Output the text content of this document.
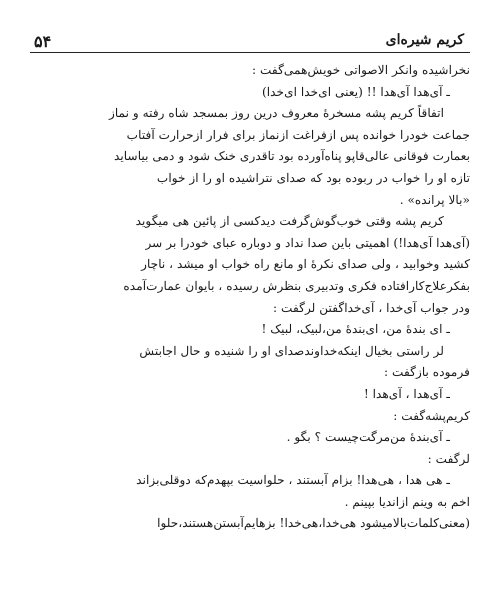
۵۴	کریم شیره‌ای
نخراشیده وانکر الاصواتی خویش‌همی‌گفت :
ـ آی‌هدا آی‌هدا !! (یعنی ای‌خدا ای‌خدا)
اتفاقاً کریم پشه مسخرهٔ معروف درین روز بمسجد شاه رفته و نماز
جماعت خودرا خوانده پس ازفراغت ازنماز برای فرار ازحرارت آفتاب
بعمارت فوقانی عالی‌قاپو پناه‌آورده بود تاقدری خنک شود و دمی بیاساید
تازه او را خواب در ربوده بود که صدای نتراشیده او را از خواب
«بالا پرانده» .
کریم پشه وقتی خوب‌گوش‌گرفت دیدکسی از پائین هی میگوید
(آی‌هدا آی‌هدا!) اهمیتی باین صدا نداد و دوباره عبای خودرا بر سر
کشید وخوابید ، ولی صدای نکرهٔ او مانع راه خواب او میشد ، ناچار
بفکرعلاج‌کارافتاده فکری وتدبیری بنظرش رسیده ، بایوان عمارت‌آمده
ودر جواب آی‌خدا ، آی‌خداگفتن لرگفت :
ـ ای بندهٔ من، ای‌بندهٔ من،لبیک، لبیک !
لر راستی بخیال اینکه‌خداوندصدای او را شنیده و حال اجابتش
فرموده بازگفت :
ـ آی‌هدا ، آی‌هدا !
کریم‌پشه‌گفت :
ـ آی‌بندهٔ من‌مرگت‌چیست ؟ بگو .
لرگفت :
ـ هی هدا ، هی‌هدا! بزام آبستند ، حلواسیت بپهدم‌که دوقلی‌بزاند
اخم به وینم ازاندیا بپینم .
(معنی‌کلمات‌بالامیشود هی‌خدا،هی‌خدا! بزهایم‌آبستن‌هستند،حلوا
